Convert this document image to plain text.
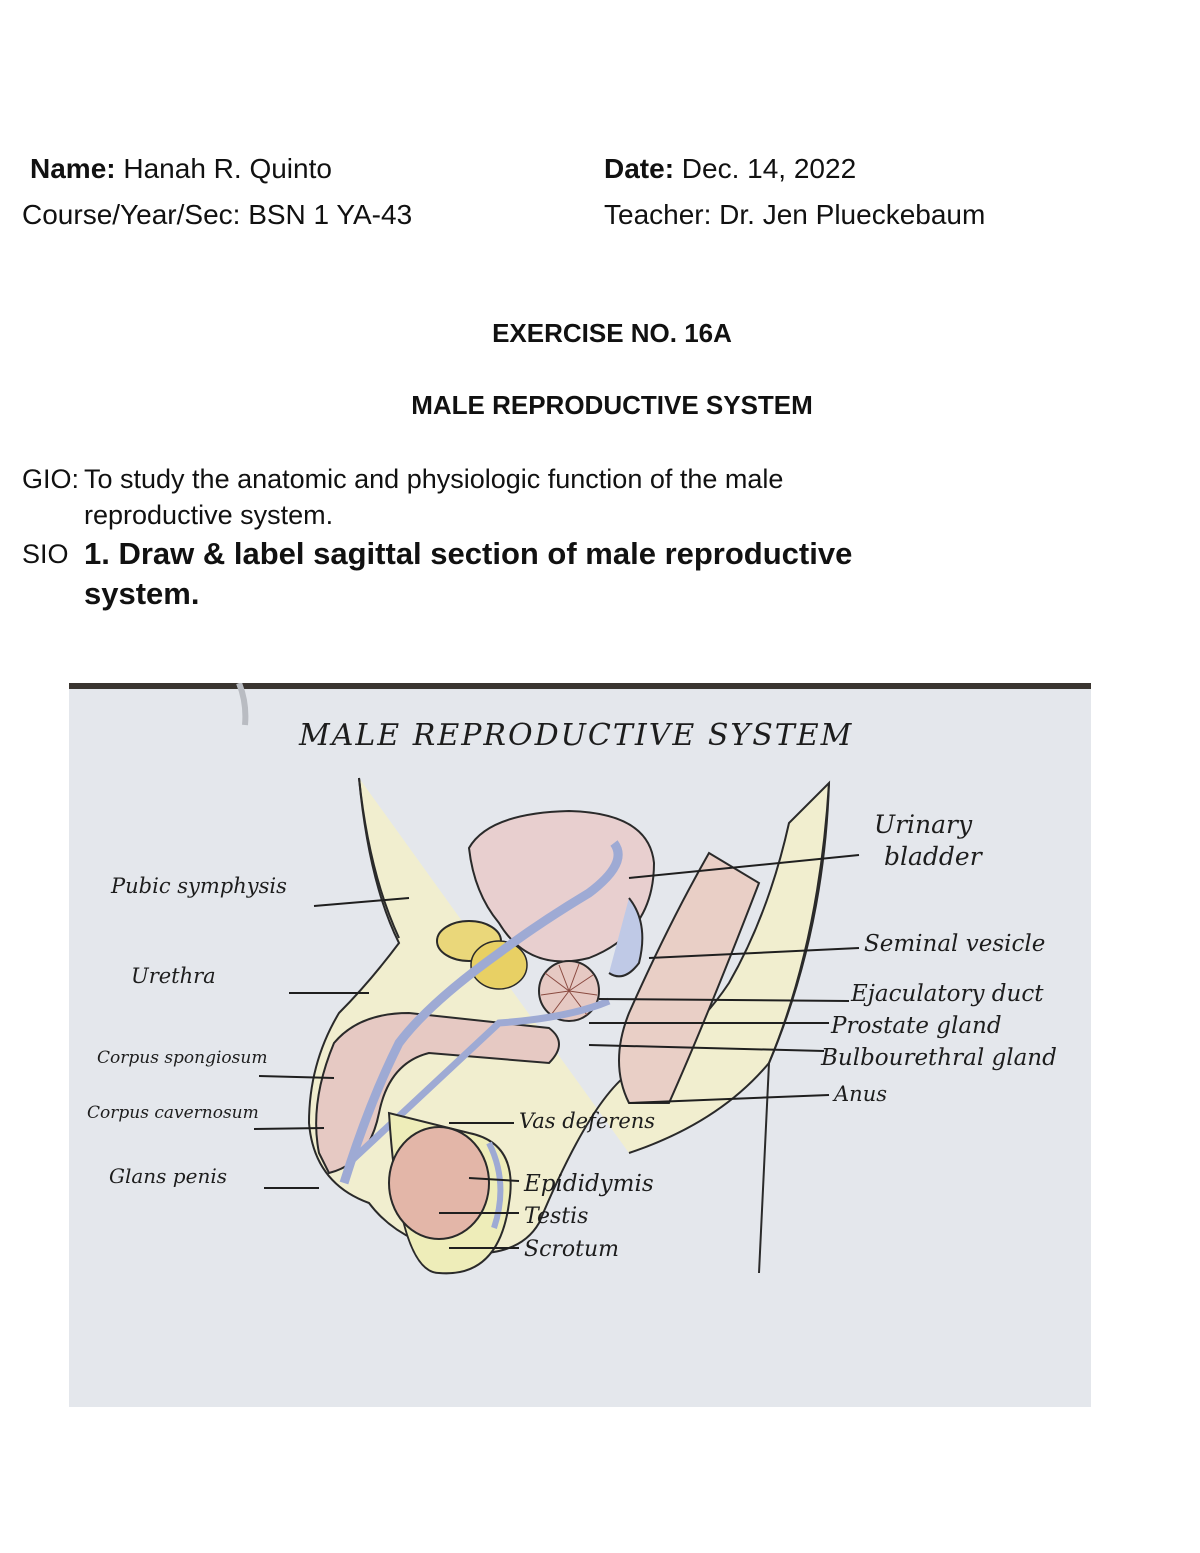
Name: Hanah R. Quinto	Date: Dec. 14, 2022
Course/Year/Sec: BSN 1 YA-43	Teacher: Dr. Jen Plueckebaum
EXERCISE NO. 16A
MALE REPRODUCTIVE SYSTEM
GIO: To study the anatomic and physiologic function of the male
reproductive system.
SIO 1. Draw & label sagittal section of male reproductive
system.
MALE REPRODUCTIVE SYSTEM
Pubic symphysis
Urethra
Corpus spongiosum
Corpus cavernosum
Glans penis
Urinary
bladder
Seminal vesicle
Ejaculatory duct
Prostate gland
Bulbourethral gland
Anus
Vas deferens
Epididymis
Testis
Scrotum
